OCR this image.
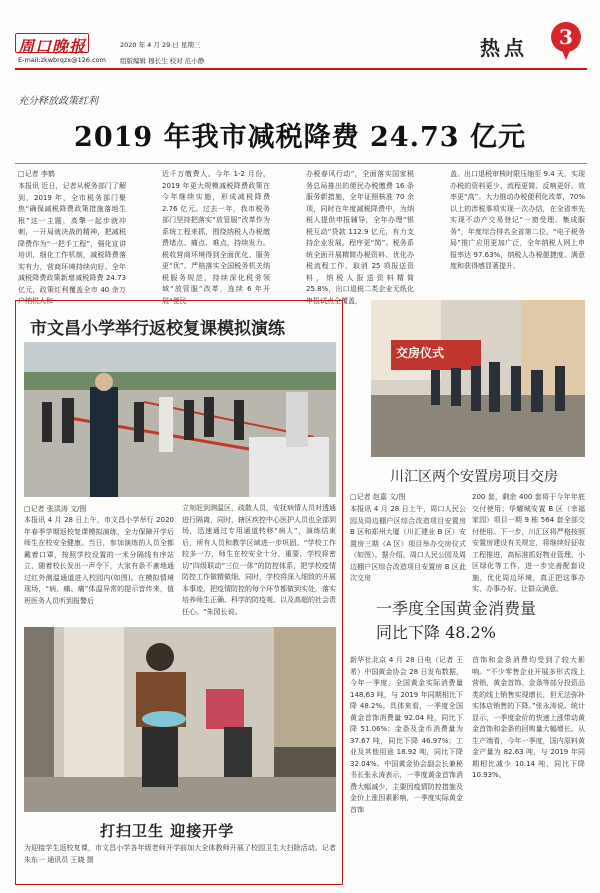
周口晚报
E-mail:zkwbrqzx@126.com
2020 年 4 月 29 日 星期三
组版编辑 穆长生 校对 范小静
热点	3
充分释放政策红利
2019 年我市减税降费 24.73 亿元
□记者 李鹤
本报讯 近日，记者从税务部门了解到，2019 年，全市税务部门聚焦“确保减税降费政策措施落地生根”这一主题，高擎一起步就冲刺，一开局就决战的精神，把减税降费作为“一把手工程”，强化宣讲培训，细化工作机制，减税降费落实有力，营商环境持续向好。全年减税降费政策新增减税降费 24.73 亿元，政策红利覆盖全市 40 余万户纳税人和
近千万缴费人。今年 1-2 月份，2019 年更大规模减税降费政策在今年继续实施，形成减税降费 2.76 亿元。过去一年，我市税务部门坚持把落实“放管服”改革作为系统工程来抓，围绕纳税人办税缴费堵点、痛点、难点，持续发力。税收营商环境得到全面优化。服务更“优”。严格落实全国税务机关纳税服务规范，持续深化税务领域“放管服”改革，连续 6 年开展“便民
办税春风行动”，全面落实国家税务总局推出的便民办税缴费 16 条服务新措施，全年证照核准 70 余项，同时在年度减税降费中，为纳税人提供申报辅导，全年办理“银税互动”贷款 112.9 亿元，有力支持企业发展。程序更“简”。税务系统全面开展精简办税资料、优化办税流程工作，取消 25 项报送资料，纳税人报送资料精简 25.8%，出口退税二类企业无纸化申报试点全覆盖，
盖。出口退税审核时限压缩至 9.4 天，实现办税的资料更少、流程更简、反响更好。效率更“高”。大力推动办税便利化改革，70% 以上的涉税事项实现一次办结，在全省率先实现不动产交易登记“一窗受理、集成服务”，年度综合排名全省第二位。“电子税务局”推广应用更加广泛，全年纳税人网上申报率达 97.63%，纳税人办税便捷度、满意度和获得感显著提升。
市文昌小学举行返校复课模拟演练
□记者 张洪涛 文/图
本报讯 4 月 28 日上午，市文昌小学举行 2020 年春季学期返校复课模拟演练，全力保障开学后师生在校安全健康。当日，参加演练的人员全都戴着口罩，按照学校设置的一米分隔线有序站立，随着校长发出一声令下，大家有条不紊地通过红外测温通道进入校园内(如图)。在模拟情境现场，“病、痛、痛”体温异常的提示音传来，值班医务人员听到报警后
立刻赶到测温区，疏散人员，安抚病情人员对透通进行隔离，同时，辖区疾控中心医护人员也全部到场，迅速通过专用通道转移“病人”，演练结束后，所有人员和教学区域进一步巩固。“学校工作较多一方，师生在校安全十分、重要，学校将密切”四级联动”三位一体”的防控体系，把学校疫情防控工作做精做细，同时，学校将深入细致的开展本事迹，把疫情防控的每个环节都做到实处，落实培养师生正确、科学的防疫观、以及高超的社会责任心。“朱园长说。
打扫卫生 迎接开学
为迎接学生返校复课，市文昌小学各年级老师开学前加大全体教师开展了校园卫生大扫除活动。记者 朱东一 通讯员 王晓 摄
交房仪式
川汇区两个安置房项目交房
□记者 赵嘉 文/图
本报讯 4 月 28 日上午，周口人民公园及周边棚户区综合改造项目安置房 B 区和郑州大厦（川汇建业 B 区）安置房三期（A 区）项目举办交房仪式（如图）。据介绍，周口人民公园及周边棚户区综合改造项目安置房 B 区此次交房
200 套，剩余 400 套将于今年年底交付使用；华耀城安置 B 区（幸福家园）项目一期 9 栋 564 套全部交付使用。下一步，川汇区将严格按照安置房建设有关规定，将继续好征收工程推进，高标准抓好物业管理、小区绿化等工作，进一步完善配套设施，优化周边环境，真正把这事办实、办事办好、让群众满意。
一季度全国黄金消费量
同比下降 48.2%
新华社北京 4 月 28 日电（记者 王希）中国黄金协会 28 日发布数据，今年一季度，全国黄金实际消费量 148.63 吨，与 2019 年同期相比下降 48.2%。具体来看，一季度全国黄金首饰消费量 92.04 吨，同比下降 51.06%；金条及金币消费量为 37.67 吨，同比下降 46.97%；工业及其他用途 18.92 吨，同比下降 32.04%。中国黄金协会副会长兼秘书长张永涛表示，一季度黄金首饰消费大幅减少，主要因疫情防控措施及金价上涨因素影响，一季度实际黄金首饰
首饰和金条消费均受到了较大影响。“不少零售企业开展多形式线上营销，黄金首饰、金条等部分投资品类的线上销售实现增长，但无法弥补实体店销售的下降。”张永涛说。统计显示，一季度金价的快速上涨带动黄金首饰和金条的回购量大幅增长。从生产端看，今年一季度，国内原料黄金产量为 82.63 吨，与 2019 年同期相比减少 10.14 吨，同比下降 10.93%。
